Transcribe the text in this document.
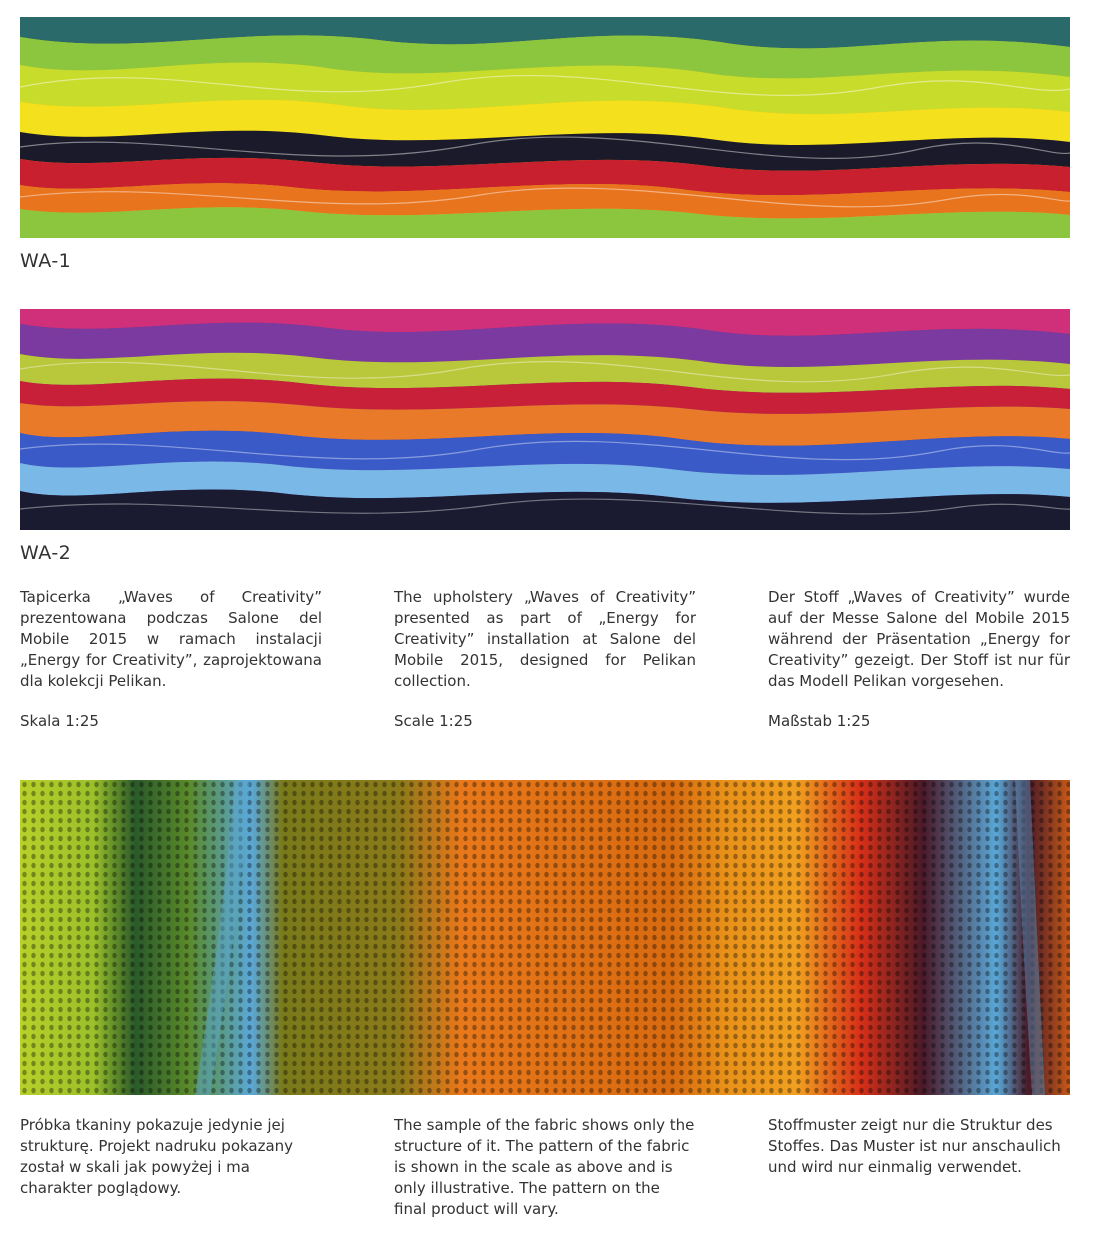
WA-1
WA-2

Tapicerka „Waves of Creativity” prezentowana podczas Salone del Mobile 2015 w ramach instalacji „Energy for Creativity”, zaprojektowana dla kolekcji Pelikan.

The upholstery „Waves of Creativity” presented as part of „Energy for Creativity” installation at Salone del Mobile 2015, designed for Pelikan collection.

Der Stoff „Waves of Creativity” wurde auf der Messe Salone del Mobile 2015 während der Präsentation „Energy for Creativity” gezeigt. Der Stoff ist nur für das Modell Pelikan vorgesehen.

Skala 1:25	Scale 1:25	Maßstab 1:25

Próbka tkaniny pokazuje jedynie jej strukturę. Projekt nadruku pokazany został w skali jak powyżej i ma charakter poglądowy.

The sample of the fabric shows only the structure of it. The pattern of the fabric is shown in the scale as above and is only illustrative. The pattern on the final product will vary.

Stoffmuster zeigt nur die Struktur des Stoffes. Das Muster ist nur anschaulich und wird nur einmalig verwendet.
